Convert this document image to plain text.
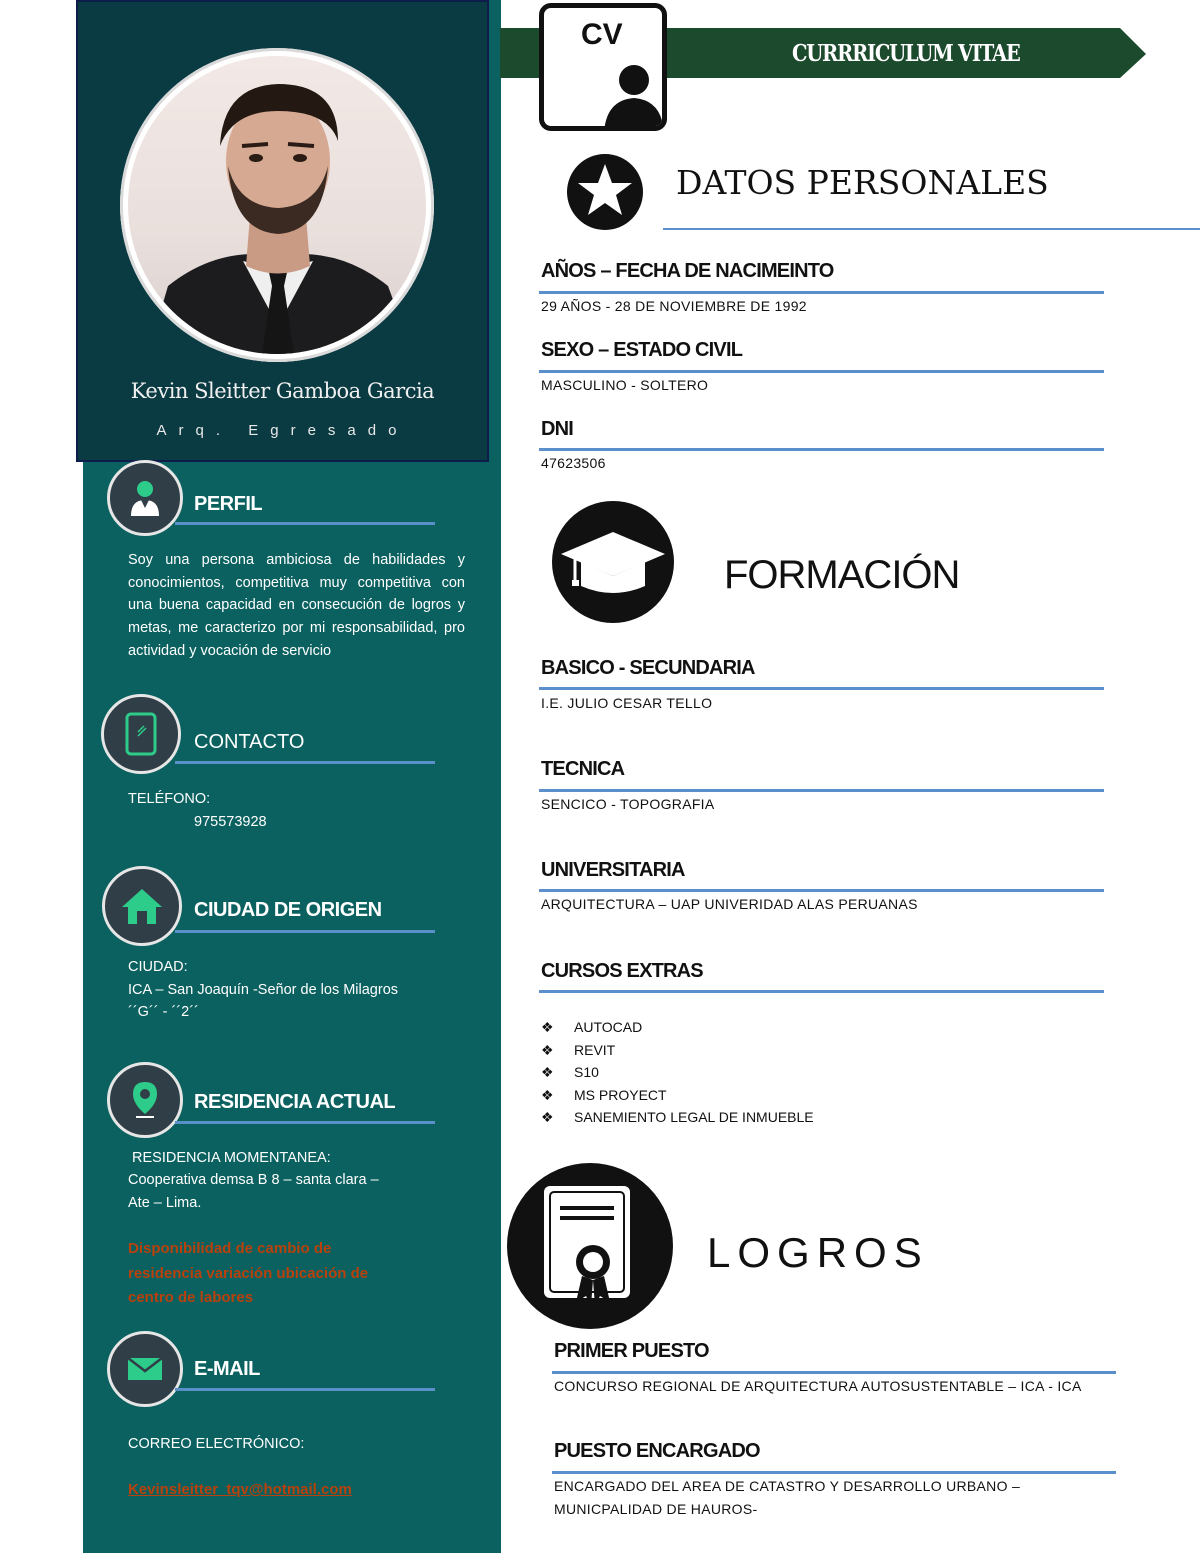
Kevin Sleitter Gamboa Garcia
Arq. Egresado
PERFIL
Soy una persona ambiciosa de habilidades y conocimientos, competitiva muy competitiva con una buena capacidad en consecución de logros y metas, me caracterizo por mi responsabilidad, pro actividad y vocación de servicio
CONTACTO
TELÉFONO:
975573928
CIUDAD DE ORIGEN
CIUDAD:
ICA – San Joaquín -Señor de los Milagros
´´G´´ - ´´2´´
RESIDENCIA ACTUAL
RESIDENCIA MOMENTANEA:
Cooperativa demsa B 8 – santa clara –
Ate – Lima.
Disponibilidad de cambio de
residencia variación ubicación de
centro de labores
E-MAIL
CORREO ELECTRÓNICO:
Kevinsleitter_tqv@hotmail.com
CURRRICULUM VITAE
CV
DATOS PERSONALES
AÑOS – FECHA DE NACIMEINTO
29 AÑOS - 28 DE NOVIEMBRE DE 1992
SEXO – ESTADO CIVIL
MASCULINO - SOLTERO
DNI
47623506
FORMACIÓN
BASICO - SECUNDARIA
I.E. JULIO CESAR TELLO
TECNICA
SENCICO - TOPOGRAFIA
UNIVERSITARIA
ARQUITECTURA – UAP UNIVERIDAD ALAS PERUANAS
CURSOS EXTRAS
❖	AUTOCAD
❖	REVIT
❖	S10
❖	MS PROYECT
❖	SANEMIENTO LEGAL DE INMUEBLE
LOGROS
PRIMER PUESTO
CONCURSO REGIONAL DE ARQUITECTURA AUTOSUSTENTABLE – ICA - ICA
PUESTO ENCARGADO
ENCARGADO DEL AREA DE CATASTRO Y DESARROLLO URBANO –
MUNICPALIDAD DE HAUROS-
